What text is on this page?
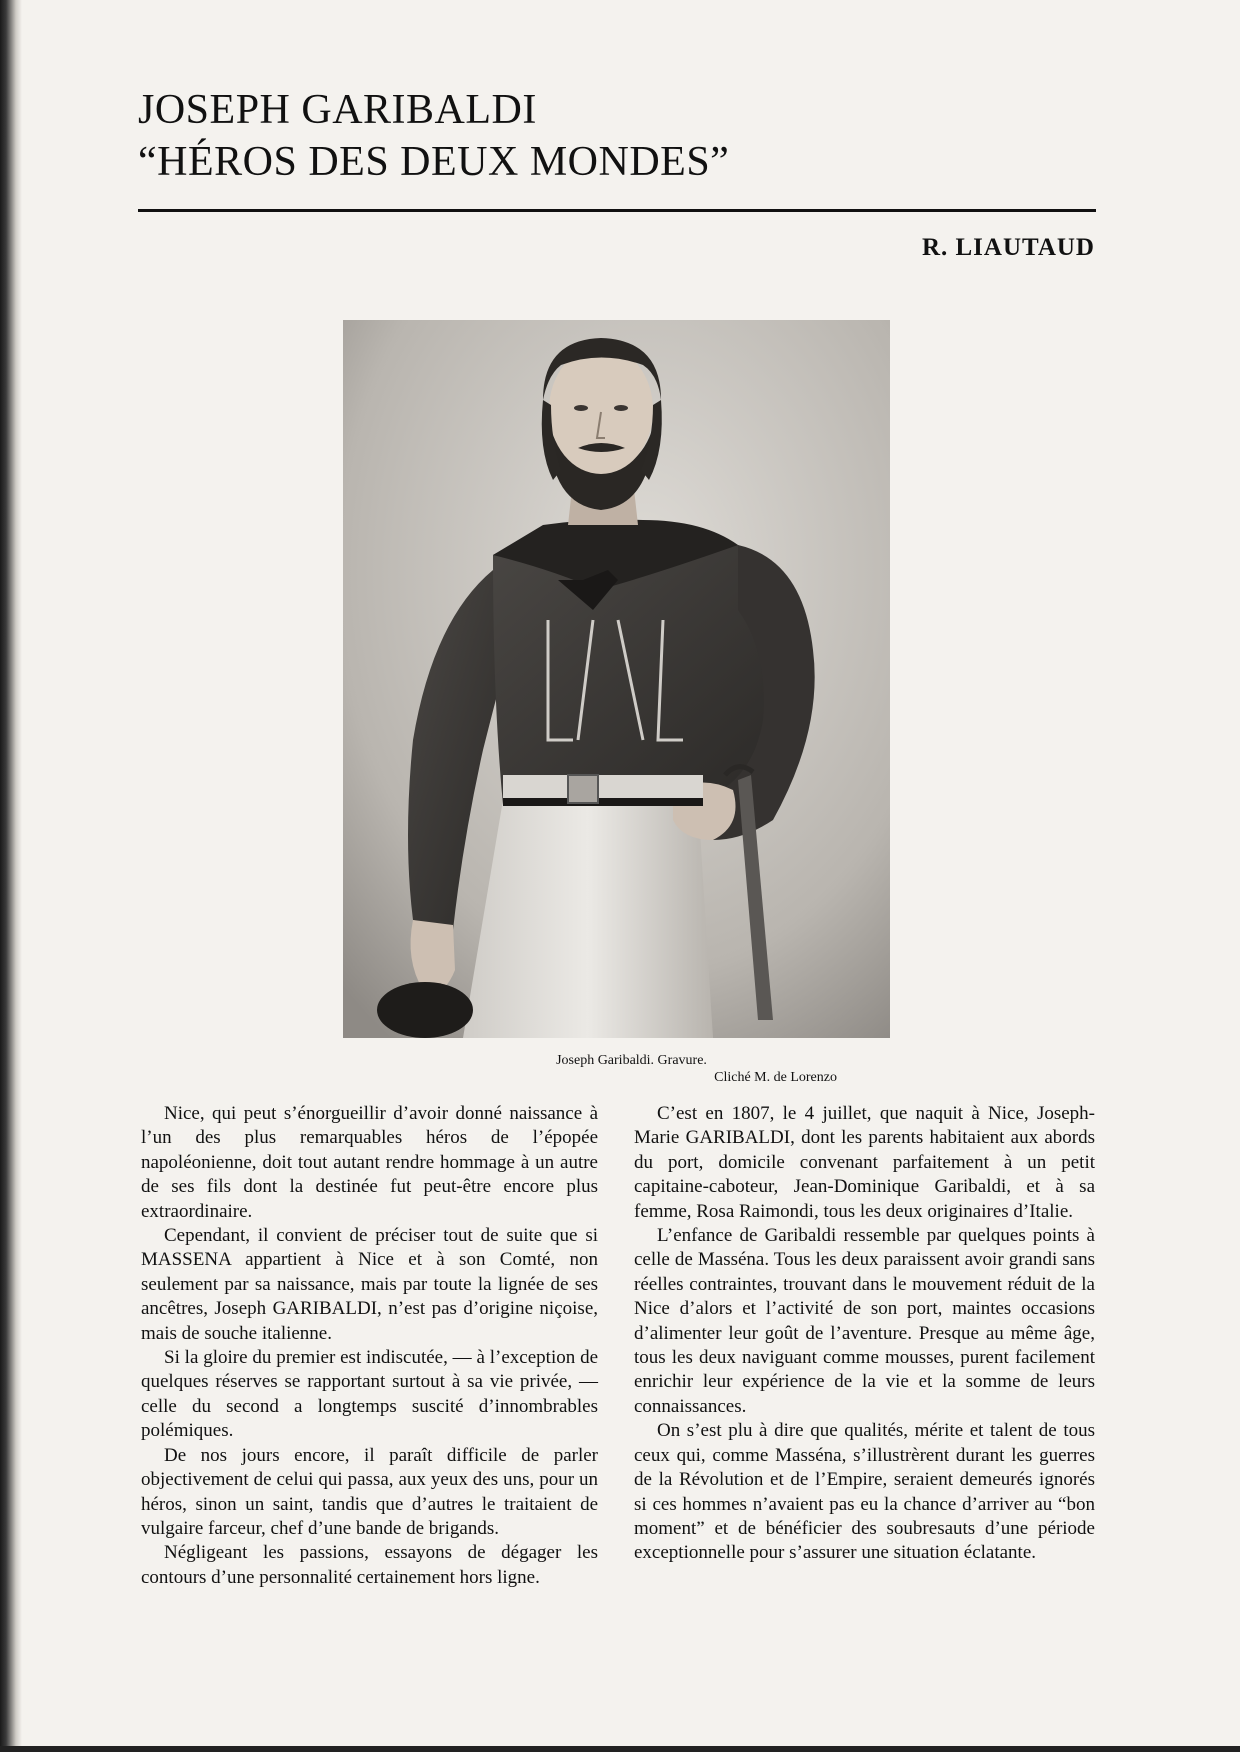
JOSEPH GARIBALDI
“HÉROS DES DEUX MONDES”
R. LIAUTAUD
Joseph Garibaldi. Gravure.
Cliché M. de Lorenzo

Nice, qui peut s’énorgueillir d’avoir donné naissance à l’un des plus remarquables héros de l’épopée napoléonienne, doit tout autant rendre hommage à un autre de ses fils dont la destinée fut peut-être encore plus extraordinaire.

Cependant, il convient de préciser tout de suite que si MASSENA appartient à Nice et à son Comté, non seulement par sa naissance, mais par toute la lignée de ses ancêtres, Joseph GARIBALDI, n’est pas d’origine niçoise, mais de souche italienne.

Si la gloire du premier est indiscutée, — à l’exception de quelques réserves se rapportant surtout à sa vie privée, — celle du second a longtemps suscité d’innombrables polémiques.

De nos jours encore, il paraît difficile de parler objectivement de celui qui passa, aux yeux des uns, pour un héros, sinon un saint, tandis que d’autres le traitaient de vulgaire farceur, chef d’une bande de brigands.

Négligeant les passions, essayons de dégager les contours d’une personnalité certainement hors ligne.

C’est en 1807, le 4 juillet, que naquit à Nice, Joseph-Marie GARIBALDI, dont les parents habitaient aux abords du port, domicile convenant parfaitement à un petit capitaine-caboteur, Jean-Dominique Garibaldi, et à sa femme, Rosa Raimondi, tous les deux originaires d’Italie.

L’enfance de Garibaldi ressemble par quelques points à celle de Masséna. Tous les deux paraissent avoir grandi sans réelles contraintes, trouvant dans le mouvement réduit de la Nice d’alors et l’activité de son port, maintes occasions d’alimenter leur goût de l’aventure. Presque au même âge, tous les deux naviguant comme mousses, purent facilement enrichir leur expérience de la vie et la somme de leurs connaissances.

On s’est plu à dire que qualités, mérite et talent de tous ceux qui, comme Masséna, s’illustrèrent durant les guerres de la Révolution et de l’Empire, seraient demeurés ignorés si ces hommes n’avaient pas eu la chance d’arriver au “bon moment” et de bénéficier des soubresauts d’une période exceptionnelle pour s’assurer une situation éclatante.
